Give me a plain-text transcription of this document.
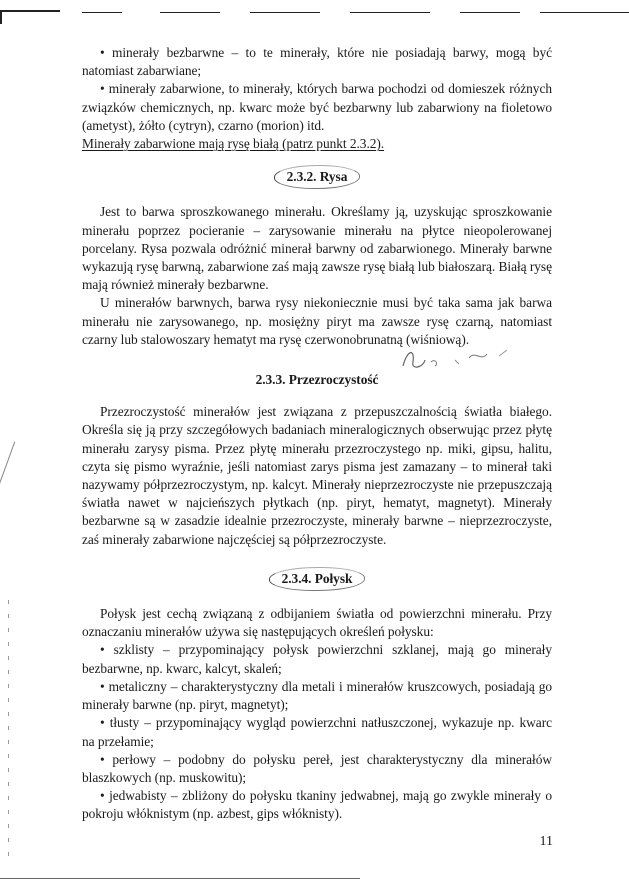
• minerały bezbarwne – to te minerały, które nie posiadają barwy, mogą być natomiast zabarwiane;

• minerały zabarwione, to minerały, których barwa pochodzi od domieszek różnych związków chemicznych, np. kwarc może być bezbarwny lub zabarwiony na fioletowo (ametyst), żółto (cytryn), czarno (morion) itd.

Minerały zabarwione mają rysę białą (patrz punkt 2.3.2).

2.3.2. Rysa

Jest to barwa sproszkowanego minerału. Określamy ją, uzyskując sproszkowanie minerału poprzez pocieranie – zarysowanie minerału na płytce nieopolerowanej porcelany. Rysa pozwala odróżnić minerał barwny od zabarwionego. Minerały barwne wykazują rysę barwną, zabarwione zaś mają zawsze rysę białą lub białoszarą. Białą rysę mają również minerały bezbarwne.

U minerałów barwnych, barwa rysy niekoniecznie musi być taka sama jak barwa minerału nie zarysowanego, np. mosiężny piryt ma zawsze rysę czarną, natomiast czarny lub stalowoszary hematyt ma rysę czerwonobrunatną (wiśniową).

2.3.3. Przezroczystość

Przezroczystość minerałów jest związana z przepuszczalnością światła białego. Określa się ją przy szczegółowych badaniach mineralogicznych obserwując przez płytę minerału zarysy pisma. Przez płytę minerału przezroczystego np. miki, gipsu, halitu, czyta się pismo wyraźnie, jeśli natomiast zarys pisma jest zamazany – to minerał taki nazywamy półprzezroczystym, np. kalcyt. Minerały nieprzezroczyste nie przepuszczają światła nawet w najcieńszych płytkach (np. piryt, hematyt, magnetyt). Minerały bezbarwne są w zasadzie idealnie przezroczyste, minerały barwne – nieprzezroczyste, zaś minerały zabarwione najczęściej są półprzezroczyste.

2.3.4. Połysk

Połysk jest cechą związaną z odbijaniem światła od powierzchni minerału. Przy oznaczaniu minerałów używa się następujących określeń połysku:

• szklisty – przypominający połysk powierzchni szklanej, mają go minerały bezbarwne, np. kwarc, kalcyt, skaleń;

• metaliczny – charakterystyczny dla metali i minerałów kruszcowych, posiadają go minerały barwne (np. piryt, magnetyt);

• tłusty – przypominający wygląd powierzchni natłuszczonej, wykazuje np. kwarc na przełamie;

• perłowy – podobny do połysku pereł, jest charakterystyczny dla minerałów blaszkowych (np. muskowitu);

• jedwabisty – zbliżony do połysku tkaniny jedwabnej, mają go zwykle minerały o pokroju włóknistym (np. azbest, gips włóknisty).

11
